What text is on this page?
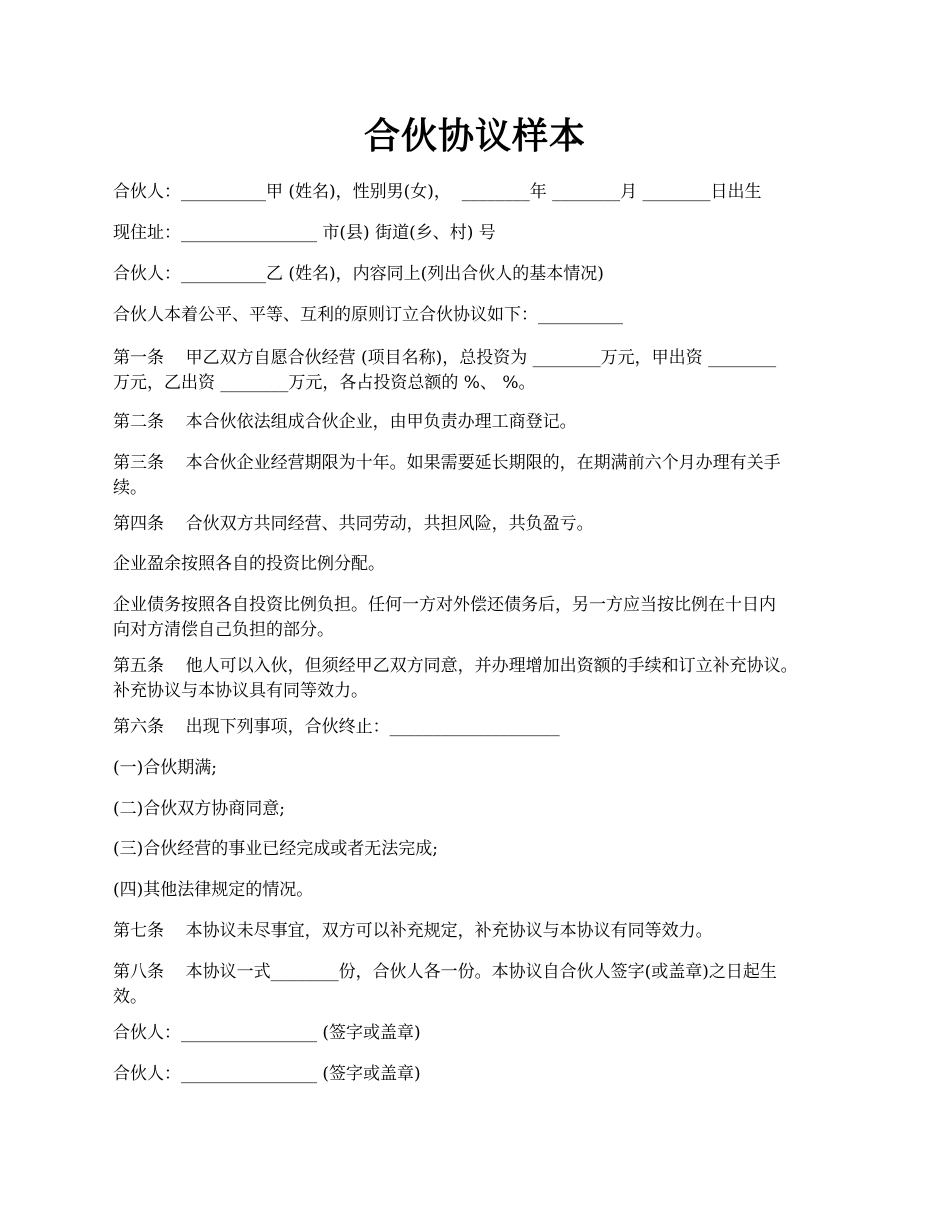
合伙协议样本
合伙人：__________甲 (姓名)，性别男(女)，  ________年 ________月 ________日出生
现住址：________________ 市(县) 街道(乡、村) 号
合伙人：__________乙 (姓名)，内容同上(列出合伙人的基本情况)
合伙人本着公平、平等、互利的原则订立合伙协议如下：__________
第一条    甲乙双方自愿合伙经营 (项目名称)，总投资为 ________万元，甲出资 ________
万元，乙出资 ________万元，各占投资总额的 %、 %。
第二条    本合伙依法组成合伙企业，由甲负责办理工商登记。
第三条    本合伙企业经营期限为十年。如果需要延长期限的，在期满前六个月办理有关手
续。
第四条    合伙双方共同经营、共同劳动，共担风险，共负盈亏。
企业盈余按照各自的投资比例分配。
企业债务按照各自投资比例负担。任何一方对外偿还债务后，另一方应当按比例在十日内
向对方清偿自己负担的部分。
第五条    他人可以入伙，但须经甲乙双方同意，并办理增加出资额的手续和订立补充协议。
补充协议与本协议具有同等效力。
第六条    出现下列事项，合伙终止：____________________
(一)合伙期满;
(二)合伙双方协商同意;
(三)合伙经营的事业已经完成或者无法完成;
(四)其他法律规定的情况。
第七条    本协议未尽事宜，双方可以补充规定，补充协议与本协议有同等效力。
第八条    本协议一式________份，合伙人各一份。本协议自合伙人签字(或盖章)之日起生
效。
合伙人：________________ (签字或盖章)
合伙人：________________ (签字或盖章)
